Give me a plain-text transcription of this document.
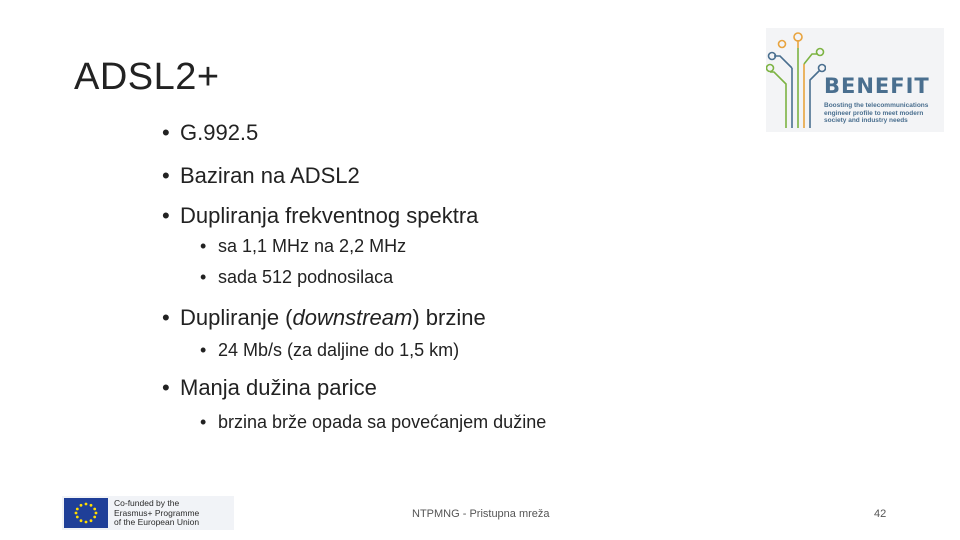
ADSL2+
• G.992.5
• Baziran na ADSL2
• Dupliranja frekventnog spektra
• sa 1,1 MHz na 2,2 MHz
• sada 512 podnosilaca
• Dupliranje (downstream) brzine
• 24 Mb/s (za daljine do 1,5 km)
• Manja dužina parice
• brzina brže opada sa povećanjem dužine
BENEFIT
Boosting the telecommunications engineer profile to meet modern society and industry needs
Co-funded by the
Erasmus+ Programme
of the European Union
NTPMNG - Pristupna mreža	42
